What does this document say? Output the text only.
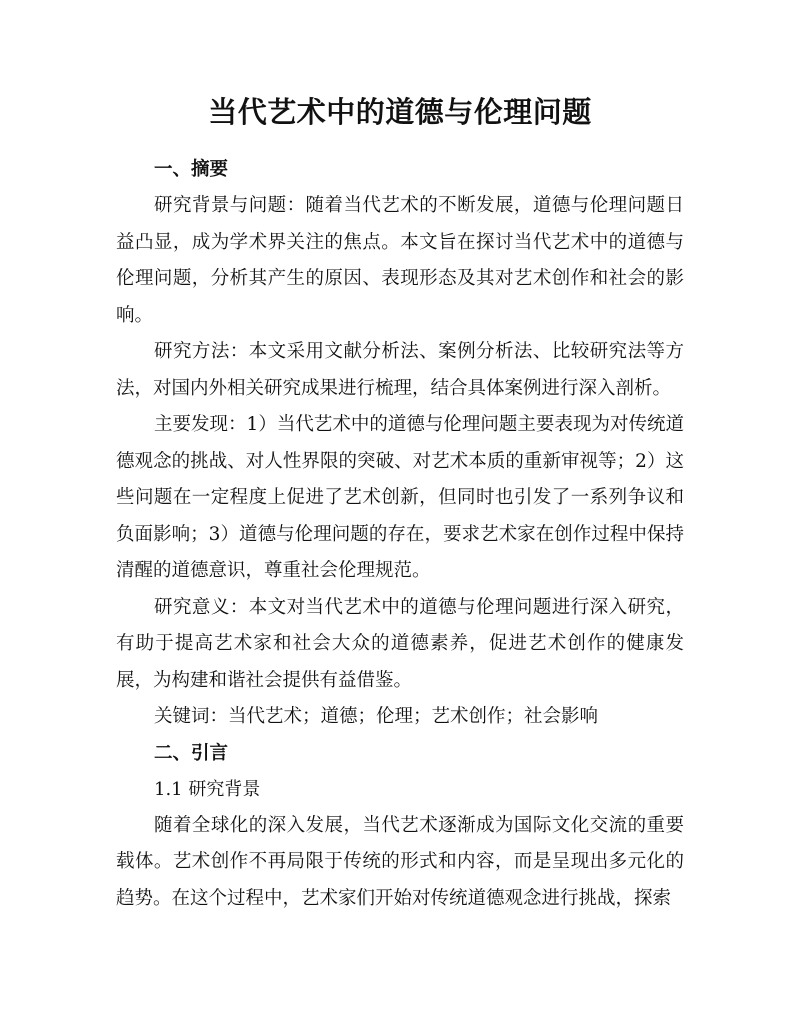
当代艺术中的道德与伦理问题
一、摘要

研究背景与问题：随着当代艺术的不断发展，道德与伦理问题日益凸显，成为学术界关注的焦点。本文旨在探讨当代艺术中的道德与伦理问题，分析其产生的原因、表现形态及其对艺术创作和社会的影响。

研究方法：本文采用文献分析法、案例分析法、比较研究法等方法，对国内外相关研究成果进行梳理，结合具体案例进行深入剖析。

主要发现：1）当代艺术中的道德与伦理问题主要表现为对传统道德观念的挑战、对人性界限的突破、对艺术本质的重新审视等；2）这些问题在一定程度上促进了艺术创新，但同时也引发了一系列争议和负面影响；3）道德与伦理问题的存在，要求艺术家在创作过程中保持清醒的道德意识，尊重社会伦理规范。

研究意义：本文对当代艺术中的道德与伦理问题进行深入研究，有助于提高艺术家和社会大众的道德素养，促进艺术创作的健康发展，为构建和谐社会提供有益借鉴。

关键词：当代艺术；道德；伦理；艺术创作；社会影响

二、引言

1.1 研究背景

随着全球化的深入发展，当代艺术逐渐成为国际文化交流的重要载体。艺术创作不再局限于传统的形式和内容，而是呈现出多元化的趋势。在这个过程中，艺术家们开始对传统道德观念进行挑战，探索
